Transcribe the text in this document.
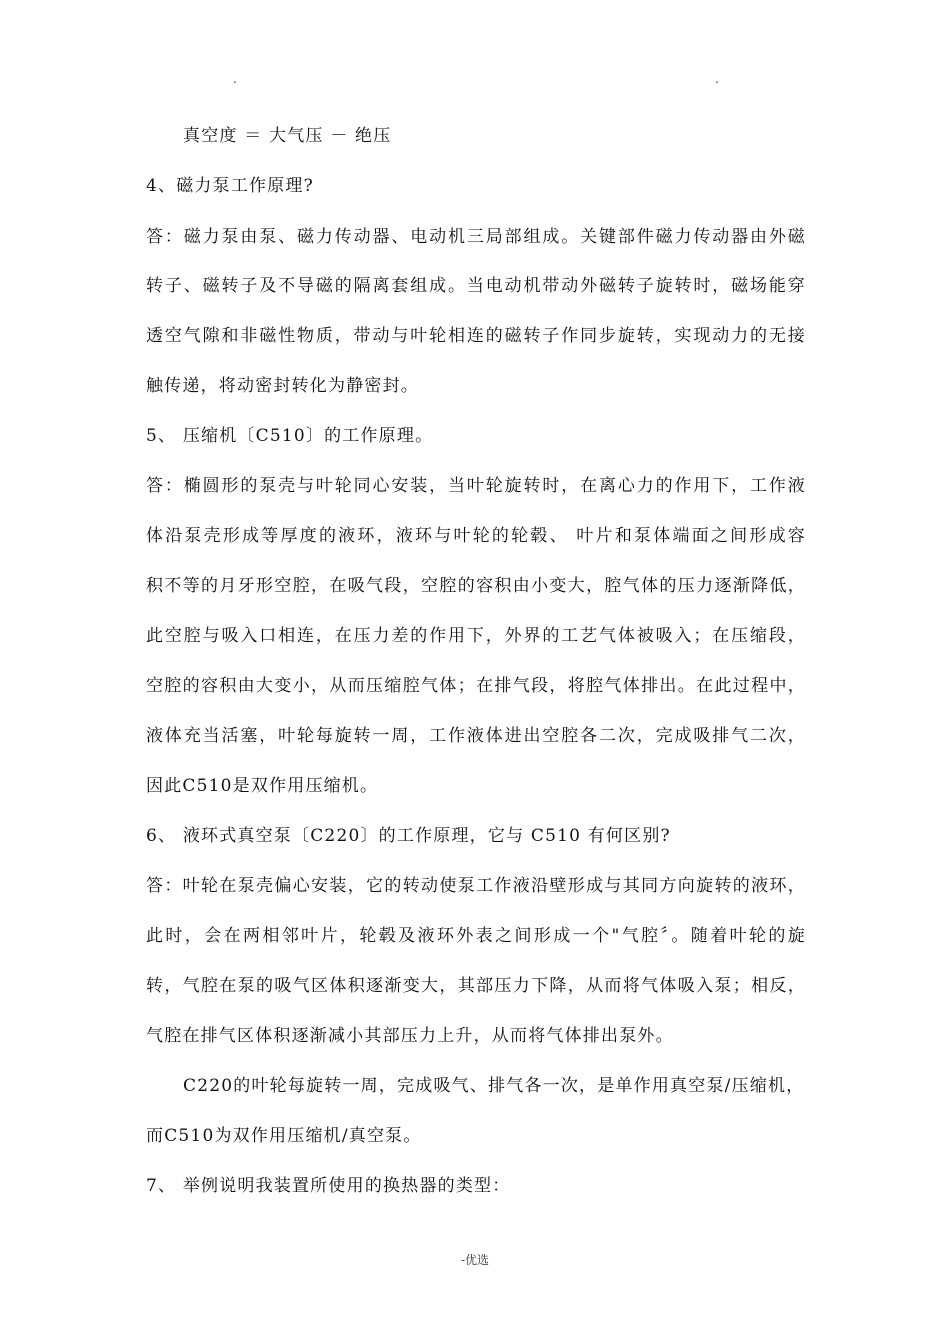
.	.
真空度 ＝ 大气压 － 绝压
4、磁力泵工作原理?
答：磁力泵由泵、磁力传动器、电动机三局部组成。关键部件磁力传动器由外磁
转子、磁转子及不导磁的隔离套组成。当电动机带动外磁转子旋转时，磁场能穿
透空气隙和非磁性物质，带动与叶轮相连的磁转子作同步旋转，实现动力的无接
触传递，将动密封转化为静密封。
5、 压缩机〔C510〕的工作原理。
答：椭圆形的泵壳与叶轮同心安装，当叶轮旋转时，在离心力的作用下，工作液
体沿泵壳形成等厚度的液环，液环与叶轮的轮毂、 叶片和泵体端面之间形成容
积不等的月牙形空腔，在吸气段，空腔的容积由小变大，腔气体的压力逐渐降低，
此空腔与吸入口相连，在压力差的作用下，外界的工艺气体被吸入；在压缩段，
空腔的容积由大变小，从而压缩腔气体；在排气段，将腔气体排出。在此过程中，
液体充当活塞，叶轮每旋转一周，工作液体进出空腔各二次，完成吸排气二次，
因此C510是双作用压缩机。
6、 液环式真空泵〔C220〕的工作原理，它与 C510 有何区别?
答：叶轮在泵壳偏心安装，它的转动使泵工作液沿壁形成与其同方向旋转的液环，
此时，会在两相邻叶片，轮毂及液环外表之间形成一个"气腔〞。随着叶轮的旋
转，气腔在泵的吸气区体积逐渐变大，其部压力下降，从而将气体吸入泵；相反，
气腔在排气区体积逐渐减小其部压力上升，从而将气体排出泵外。
C220的叶轮每旋转一周，完成吸气、排气各一次，是单作用真空泵/压缩机，
而C510为双作用压缩机/真空泵。
7、 举例说明我装置所使用的换热器的类型：
-优选
